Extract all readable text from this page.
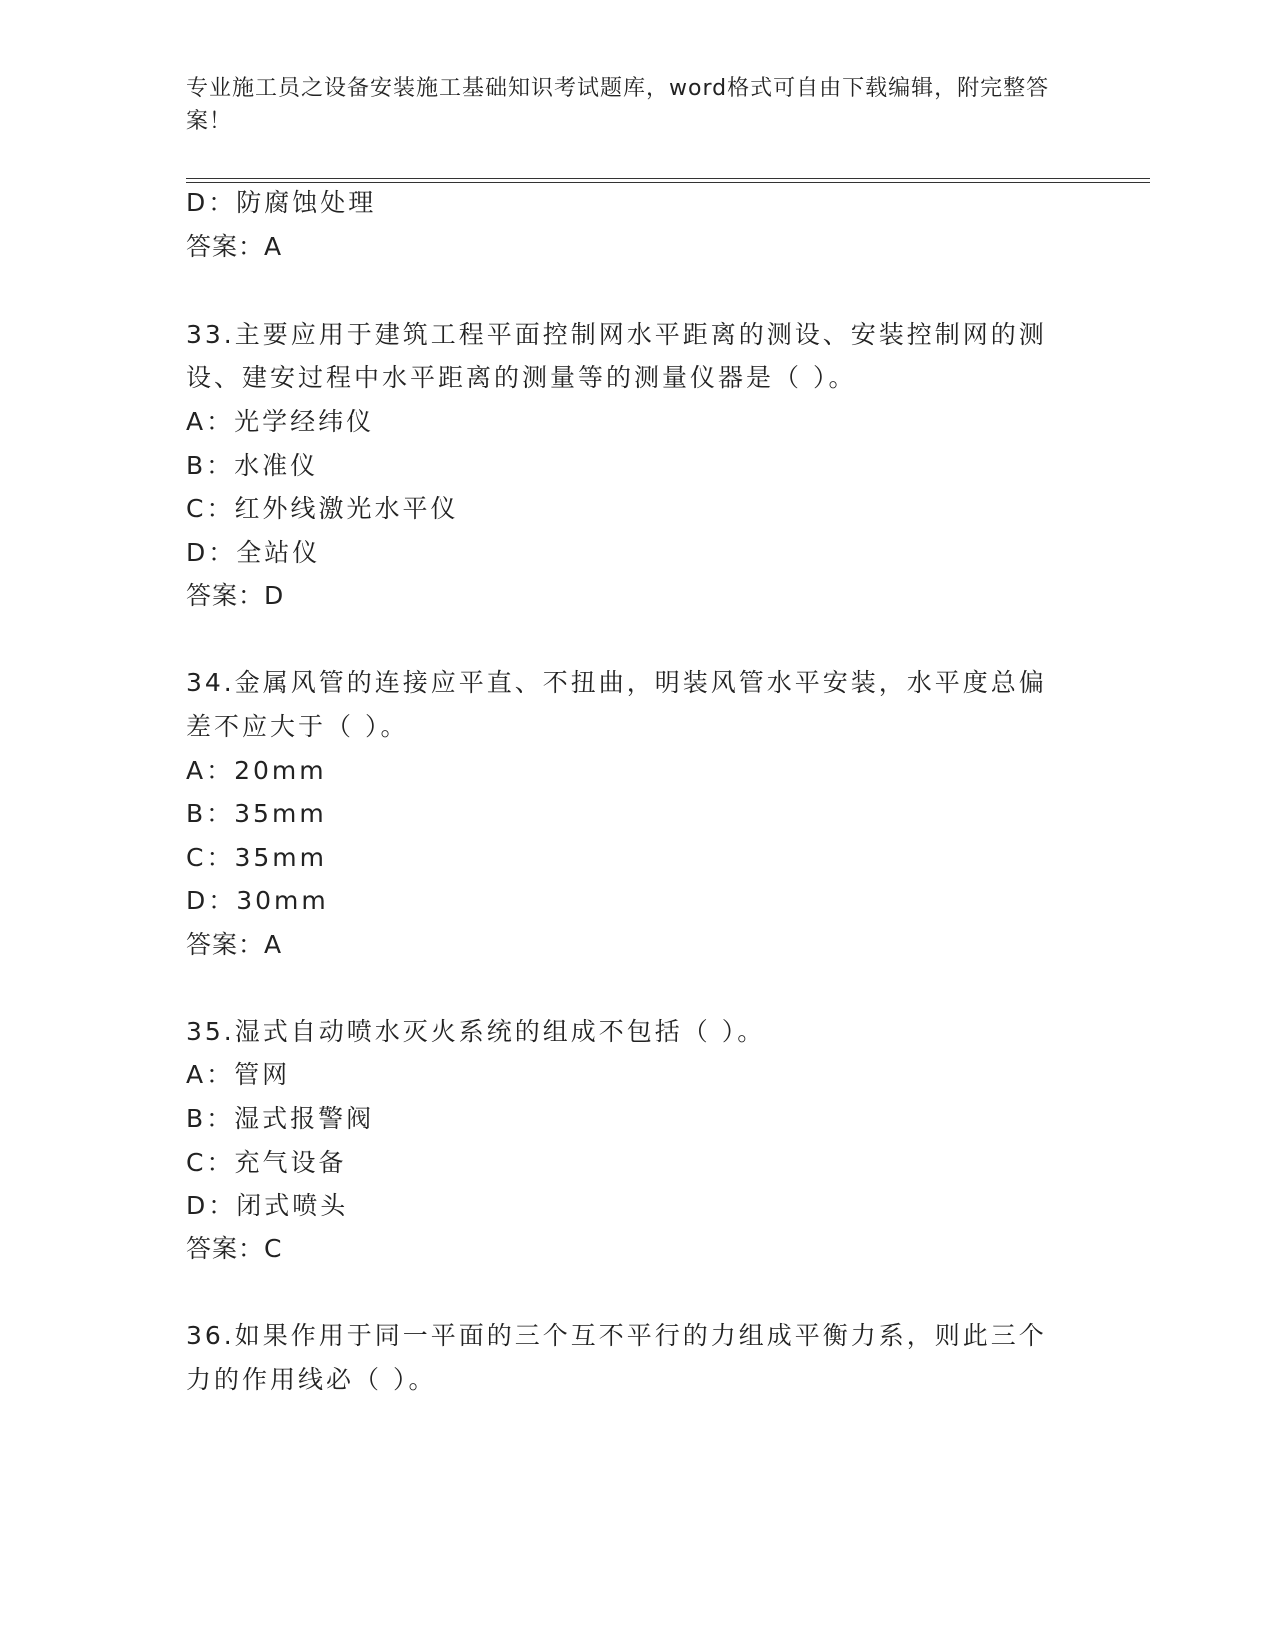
专业施工员之设备安装施工基础知识考试题库，word格式可自由下载编辑，附完整答案！
D：防腐蚀处理
答案：A
33.主要应用于建筑工程平面控制网水平距离的测设、安装控制网的测
设、建安过程中水平距离的测量等的测量仪器是（ ）。
A：光学经纬仪
B：水准仪
C：红外线激光水平仪
D：全站仪
答案：D
34.金属风管的连接应平直、不扭曲，明装风管水平安装，水平度总偏
差不应大于（ ）。
A：20mm
B：35mm
C：35mm
D：30mm
答案：A
35.湿式自动喷水灭火系统的组成不包括（ ）。
A：管网
B：湿式报警阀
C：充气设备
D：闭式喷头
答案：C
36.如果作用于同一平面的三个互不平行的力组成平衡力系，则此三个
力的作用线必（ ）。
